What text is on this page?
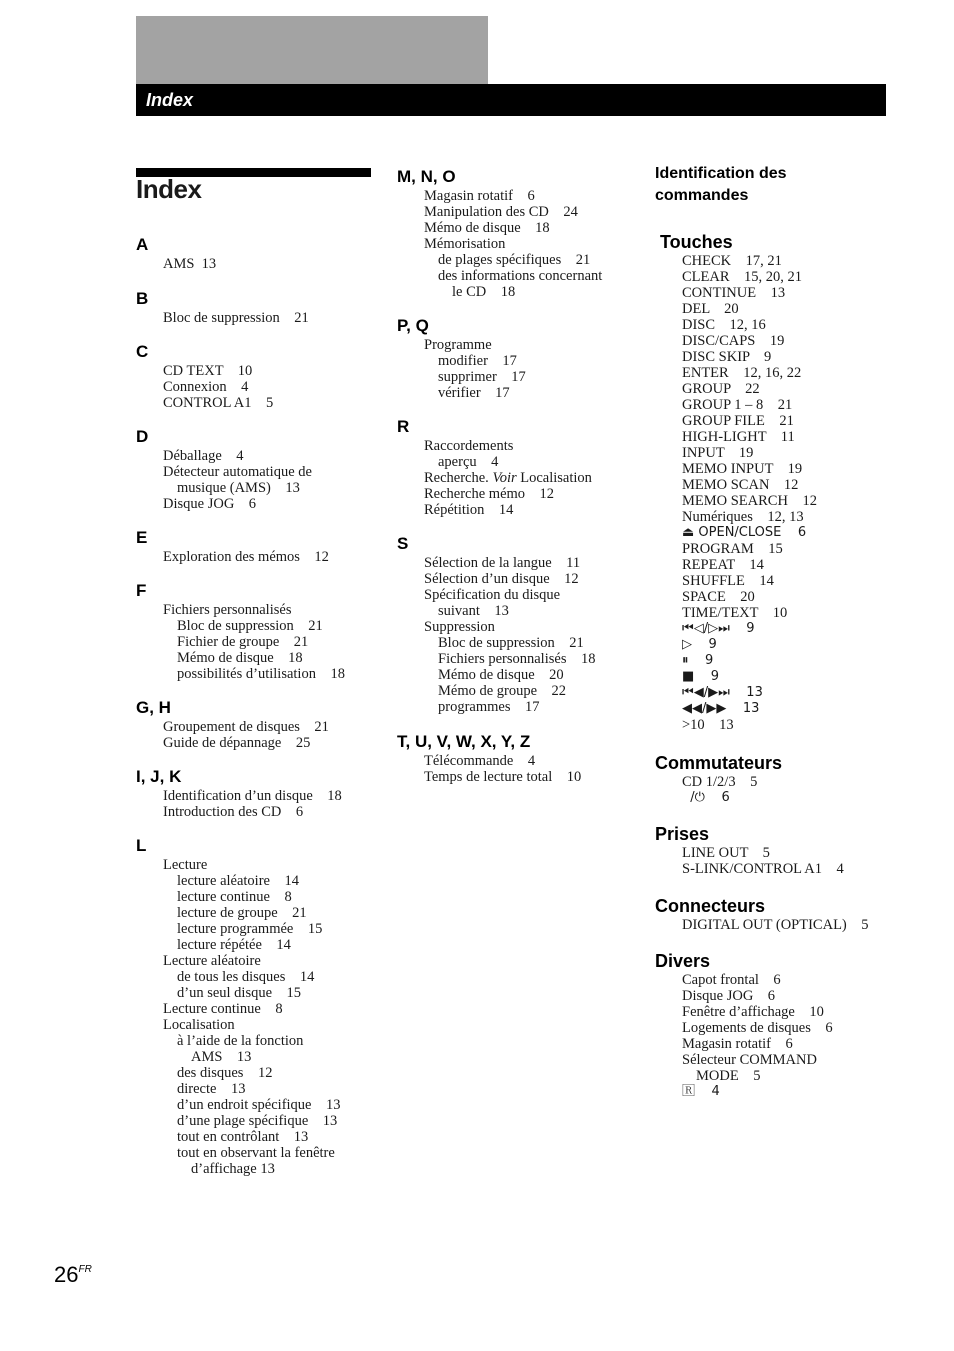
Index
Index
A
AMS  13
B
Bloc de suppression    21
C
CD TEXT    10
Connexion    4
CONTROL A1    5
D
Déballage    4
Détecteur automatique de
musique (AMS)    13
Disque JOG    6
E
Exploration des mémos    12
F
Fichiers personnalisés
Bloc de suppression    21
Fichier de groupe    21
Mémo de disque    18
possibilités d’utilisation    18
G, H
Groupement de disques    21
Guide de dépannage    25
I, J, K
Identification d’un disque    18
Introduction des CD    6
L
Lecture
lecture aléatoire    14
lecture continue    8
lecture de groupe    21
lecture programmée    15
lecture répétée    14
Lecture aléatoire
de tous les disques    14
d’un seul disque    15
Lecture continue    8
Localisation
à l’aide de la fonction
AMS    13
des disques    12
directe    13
d’un endroit spécifique    13
d’une plage spécifique    13
tout en contrôlant    13
tout en observant la fenêtre
d’affichage 13
M, N, O
Magasin rotatif    6
Manipulation des CD    24
Mémo de disque    18
Mémorisation
de plages spécifiques    21
des informations concernant
le CD    18
P, Q
Programme
modifier    17
supprimer    17
vérifier    17
R
Raccordements
aperçu    4
Recherche. Voir Localisation
Recherche mémo    12
Répétition    14
S
Sélection de la langue    11
Sélection d’un disque    12
Spécification du disque
suivant    13
Suppression
Bloc de suppression    21
Fichiers personnalisés    18
Mémo de disque    20
Mémo de groupe    22
programmes    17
T, U, V, W, X, Y, Z
Télécommande    4
Temps de lecture total    10
Identification des
commandes
Touches
CHECK    17, 21
CLEAR    15, 20, 21
CONTINUE    13
DEL    20
DISC    12, 16
DISC/CAPS    19
DISC SKIP    9
ENTER    12, 16, 22
GROUP    22
GROUP 1 – 8    21
GROUP FILE    21
HIGH-LIGHT    11
INPUT    19
MEMO INPUT    19
MEMO SCAN    12
MEMO SEARCH    12
Numériques    12, 13
⏏ OPEN/CLOSE    6
PROGRAM    15
REPEAT    14
SHUFFLE    14
SPACE    20
TIME/TEXT    10
⏮◁/▷⏭    9
▷    9
⏸    9
■    9
⏮◀/▶⏭    13
◀◀/▶▶    13
>10    13
Commutateurs
CD 1/2/3    5
/⏻    6
Prises
LINE OUT    5
S-LINK/CONTROL A1    4
Connecteurs
DIGITAL OUT (OPTICAL)    5
Divers
Capot frontal    6
Disque JOG    6
Fenêtre d’affichage    10
Logements de disques    6
Magasin rotatif    6
Sélecteur COMMAND
MODE    5
🅁    4
$26^{FR}$
